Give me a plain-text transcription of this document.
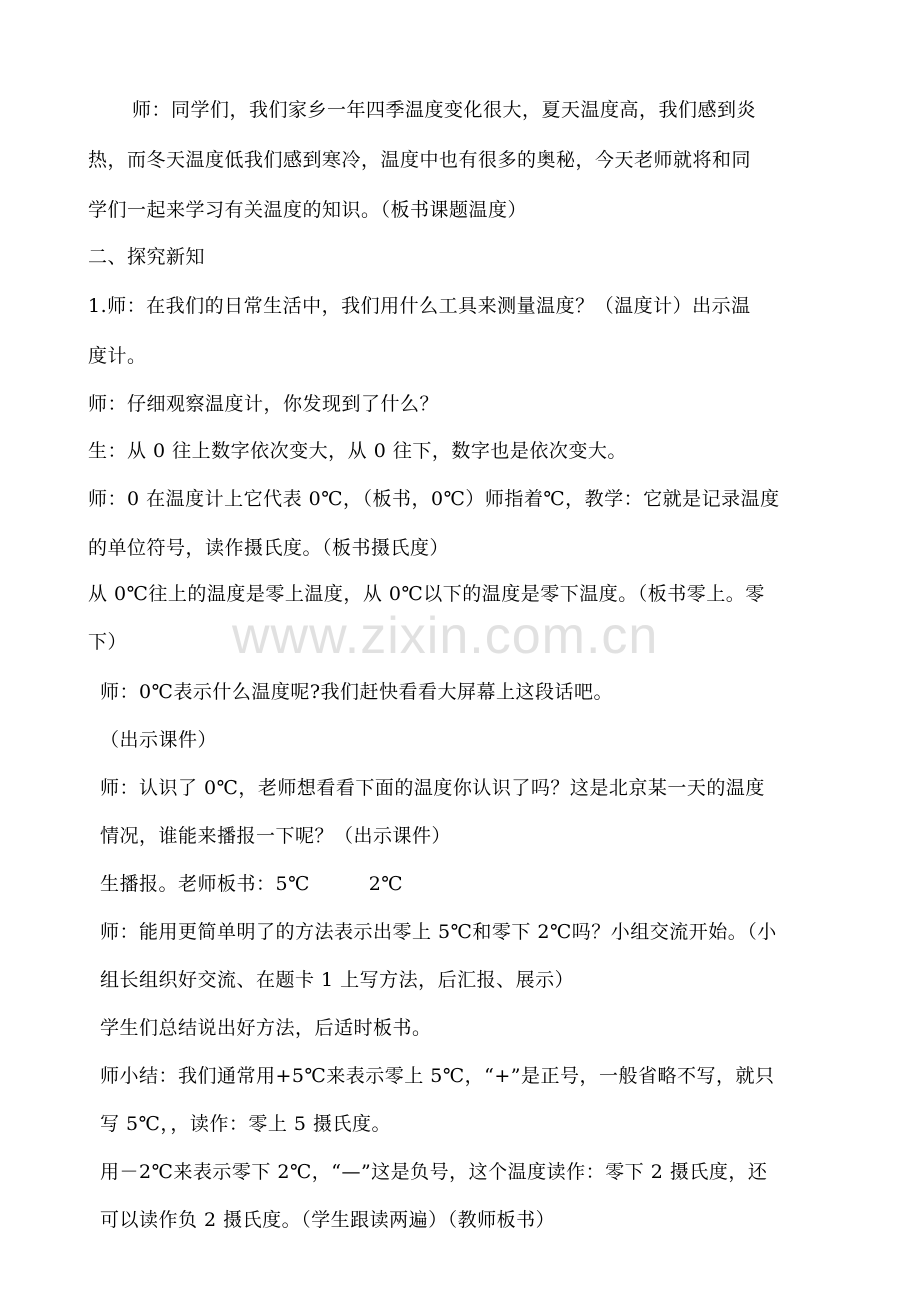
师：同学们，我们家乡一年四季温度变化很大，夏天温度高，我们感到炎
热，而冬天温度低我们感到寒冷，温度中也有很多的奥秘，今天老师就将和同
学们一起来学习有关温度的知识。（板书课题温度）
二、探究新知
1.师：在我们的日常生活中，我们用什么工具来测量温度？（温度计）出示温
度计。
师：仔细观察温度计，你发现到了什么？
生：从 0 往上数字依次变大，从 0 往下，数字也是依次变大。
师：0 在温度计上它代表 0℃，（板书，0℃）师指着℃，教学：它就是记录温度
的单位符号，读作摄氏度。（板书摄氏度）
从 0℃往上的温度是零上温度，从 0℃以下的温度是零下温度。（板书零上。零
下）
师：0℃表示什么温度呢?我们赶快看看大屏幕上这段话吧。
（出示课件）
师：认识了 0℃，老师想看看下面的温度你认识了吗？这是北京某一天的温度
情况，谁能来播报一下呢？（出示课件）
生播报。老师板书：5℃         2℃
师：能用更简单明了的方法表示出零上 5℃和零下 2℃吗？小组交流开始。（小
组长组织好交流、在题卡 1 上写方法，后汇报、展示）
学生们总结说出好方法，后适时板书。
师小结：我们通常用+5℃来表示零上 5℃，“+”是正号，一般省略不写，就只
写 5℃，，读作：零上 5 摄氏度。
用－2℃来表示零下 2℃，“—”这是负号，这个温度读作：零下 2 摄氏度，还
可以读作负 2 摄氏度。（学生跟读两遍）（教师板书）
www.zixin.com.cn
